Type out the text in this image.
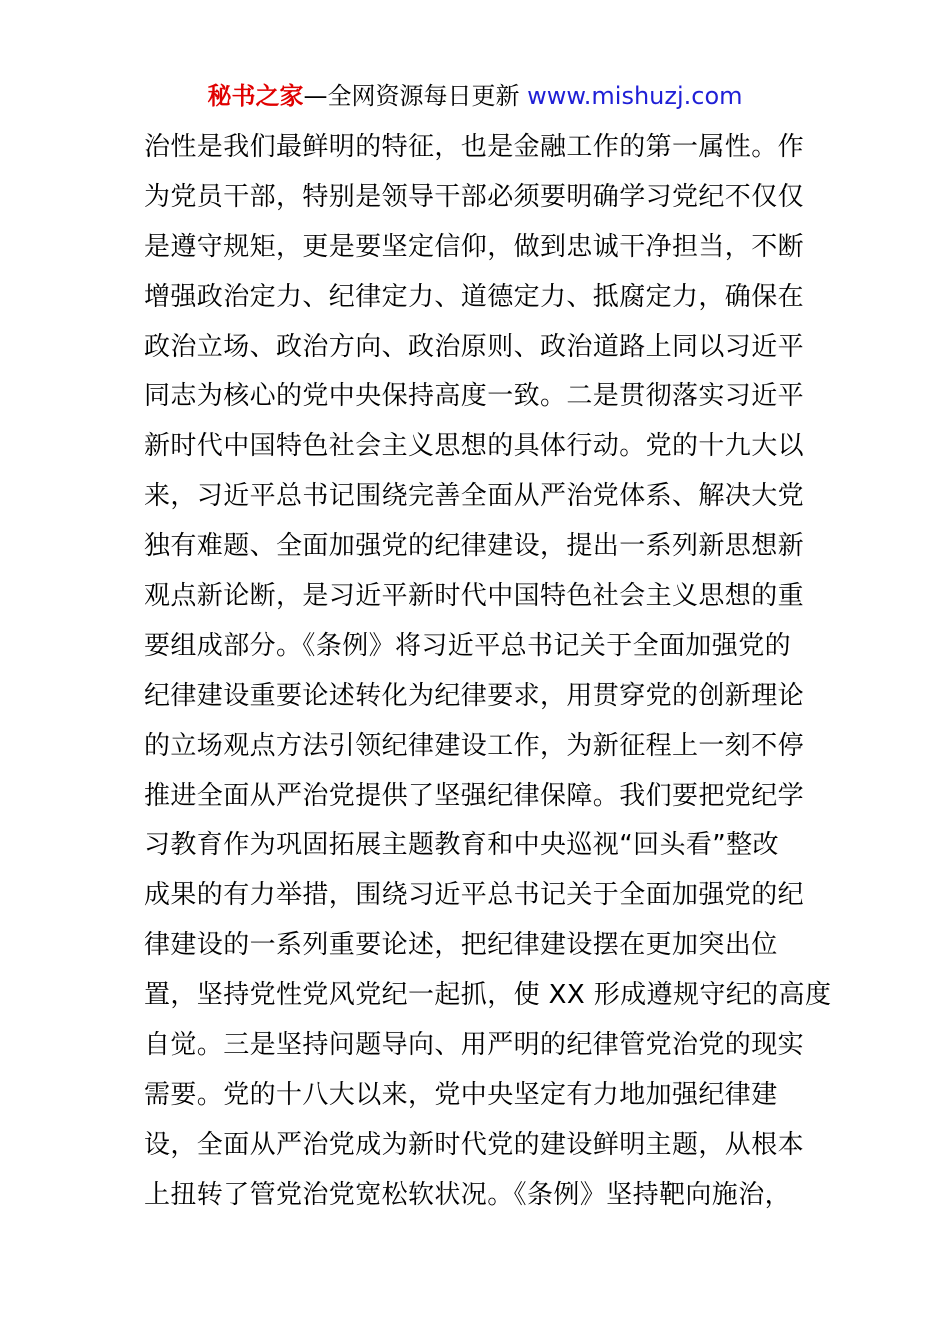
秘书之家—全网资源每日更新 www.mishuzj.com
治性是我们最鲜明的特征，也是金融工作的第一属性。作
为党员干部，特别是领导干部必须要明确学习党纪不仅仅
是遵守规矩，更是要坚定信仰，做到忠诚干净担当，不断
增强政治定力、纪律定力、道德定力、抵腐定力，确保在
政治立场、政治方向、政治原则、政治道路上同以习近平
同志为核心的党中央保持高度一致。二是贯彻落实习近平
新时代中国特色社会主义思想的具体行动。党的十九大以
来，习近平总书记围绕完善全面从严治党体系、解决大党
独有难题、全面加强党的纪律建设，提出一系列新思想新
观点新论断，是习近平新时代中国特色社会主义思想的重
要组成部分。《条例》将习近平总书记关于全面加强党的
纪律建设重要论述转化为纪律要求，用贯穿党的创新理论
的立场观点方法引领纪律建设工作，为新征程上一刻不停
推进全面从严治党提供了坚强纪律保障。我们要把党纪学
习教育作为巩固拓展主题教育和中央巡视“回头看”整改
成果的有力举措，围绕习近平总书记关于全面加强党的纪
律建设的一系列重要论述，把纪律建设摆在更加突出位
置，坚持党性党风党纪一起抓，使 XX 形成遵规守纪的高度
自觉。三是坚持问题导向、用严明的纪律管党治党的现实
需要。党的十八大以来，党中央坚定有力地加强纪律建
设，全面从严治党成为新时代党的建设鲜明主题，从根本
上扭转了管党治党宽松软状况。《条例》坚持靶向施治，
